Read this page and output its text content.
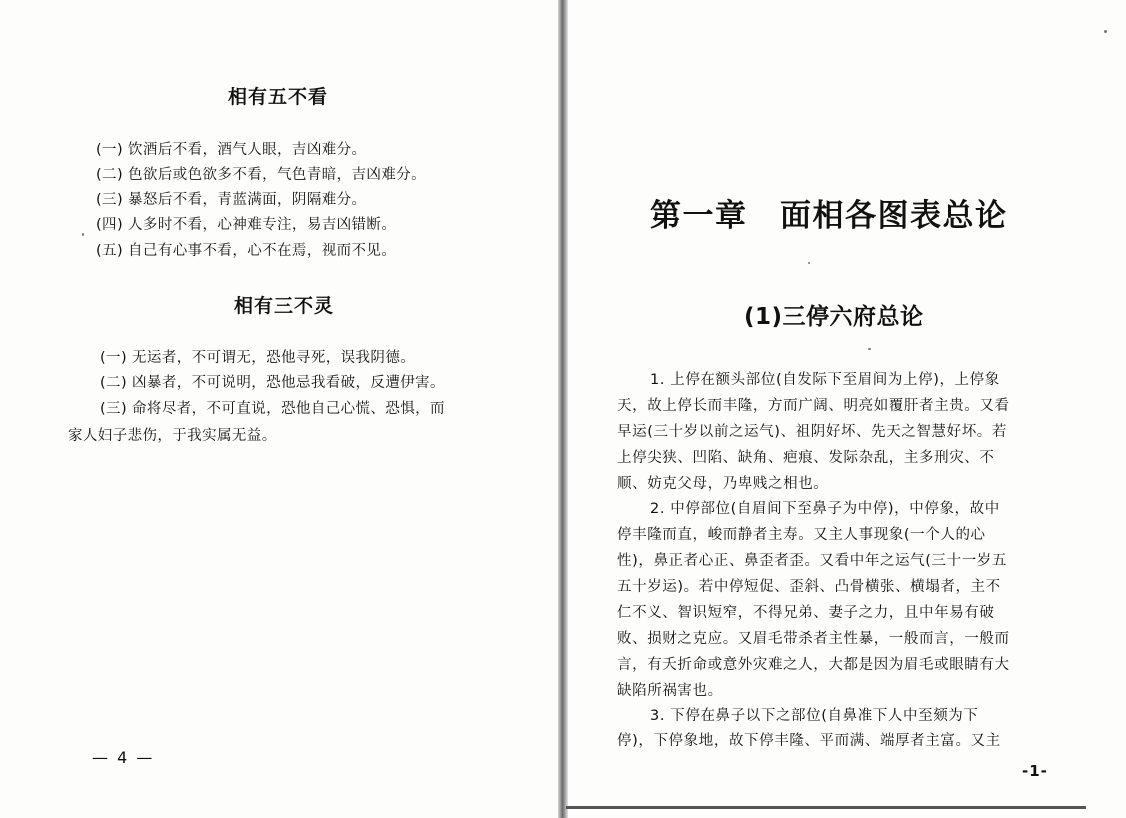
相有五不看
(一) 饮酒后不看，酒气人眼，吉凶难分。
(二) 色欲后或色欲多不看，气色青暗，吉凶难分。
(三) 暴怒后不看，青蓝满面，阴隔难分。
(四) 人多时不看，心神难专注，易吉凶错断。
(五) 自己有心事不看，心不在焉，视而不见。
相有三不灵
(一) 无运者，不可谓无，恐他寻死，误我阴德。
(二) 凶暴者，不可说明，恐他忌我看破，反遭伊害。
(三) 命将尽者，不可直说，恐他自己心慌、恐惧，而
家人妇子悲伤，于我实属无益。
— 4 —
第一章　面相各图表总论
(1)三停六府总论
1. 上停在额头部位(自发际下至眉间为上停)，上停象
天，故上停长而丰隆，方而广阔、明亮如覆肝者主贵。又看
早运(三十岁以前之运气)、祖阴好坏、先天之智慧好坏。若
上停尖狭、凹陷、缺角、疤痕、发际杂乱，主多刑灾、不
顺、妨克父母，乃卑贱之相也。
2. 中停部位(自眉间下至鼻子为中停)，中停象，故中
停丰隆而直，峻而静者主寿。又主人事现象(一个人的心
性)，鼻正者心正、鼻歪者歪。又看中年之运气(三十一岁五
五十岁运)。若中停短促、歪斜、凸骨横张、横塌者，主不
仁不义、智识短窄，不得兄弟、妻子之力，且中年易有破
败、损财之克应。又眉毛带杀者主性暴，一般而言，一般而
言，有夭折命或意外灾难之人，大都是因为眉毛或眼睛有大
缺陷所祸害也。
3. 下停在鼻子以下之部位(自鼻准下人中至颏为下
停)，下停象地，故下停丰隆、平而满、端厚者主富。又主
-1-
